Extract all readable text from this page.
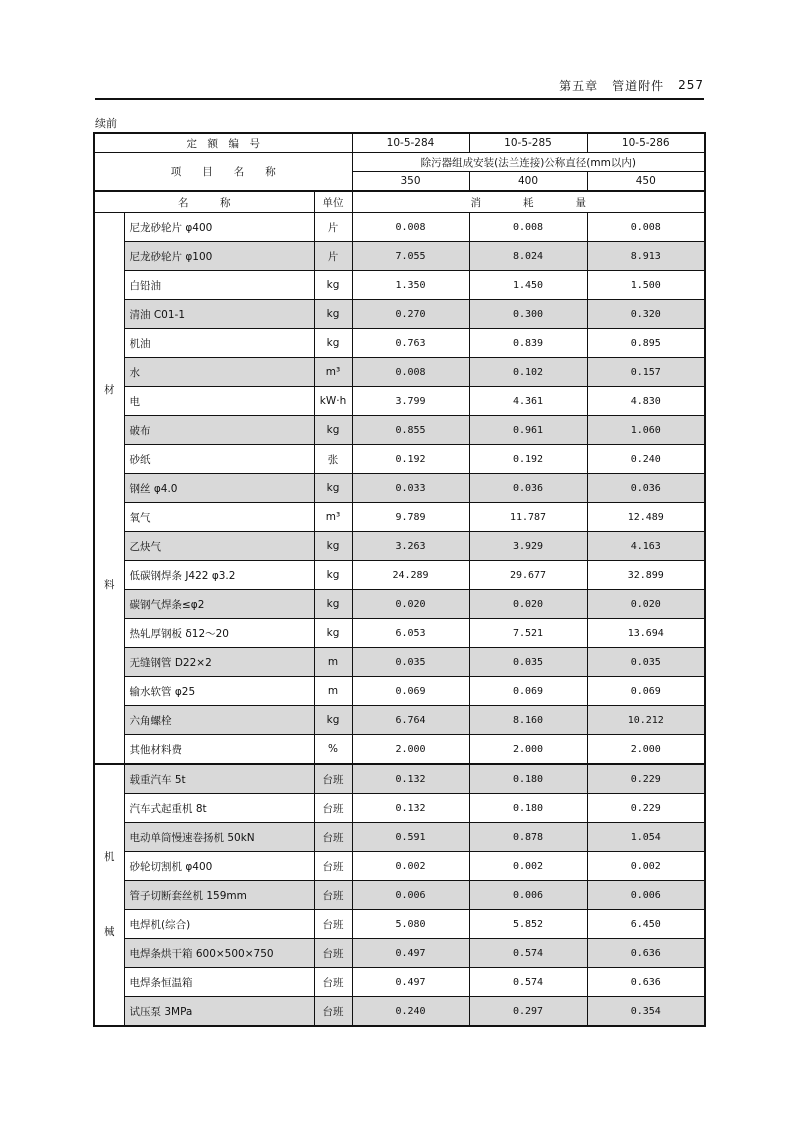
第五章 管道附件 257
续前
定　额　编　号			10-5-284	10-5-285	10-5-286
项　　目　　名　　称			除污器组成安装(法兰连接)公称直径(mm以内)		
			350	400	450
名　　　称		单位	消　　　　耗　　　　量		

材
料	尼龙砂轮片 φ400	片	0.008	0.008	0.008
	尼龙砂轮片 φ100	片	7.055	8.024	8.913
	白铅油	kg	1.350	1.450	1.500
	清油 C01-1	kg	0.270	0.300	0.320
	机油	kg	0.763	0.839	0.895
	水	m³	0.008	0.102	0.157
	电	kW·h	3.799	4.361	4.830
	破布	kg	0.855	0.961	1.060
	砂纸	张	0.192	0.192	0.240
	钢丝 φ4.0	kg	0.033	0.036	0.036
	氧气	m³	9.789	11.787	12.489
	乙炔气	kg	3.263	3.929	4.163
	低碳钢焊条 J422 φ3.2	kg	24.289	29.677	32.899
	碳钢气焊条≤φ2	kg	0.020	0.020	0.020
	热轧厚钢板 δ12～20	kg	6.053	7.521	13.694
	无缝钢管 D22×2	m	0.035	0.035	0.035
	输水软管 φ25	m	0.069	0.069	0.069
	六角螺栓	kg	6.764	8.160	10.212
	其他材料费	%	2.000	2.000	2.000

机
械	载重汽车 5t	台班	0.132	0.180	0.229
	汽车式起重机 8t	台班	0.132	0.180	0.229
	电动单筒慢速卷扬机 50kN	台班	0.591	0.878	1.054
	砂轮切割机 φ400	台班	0.002	0.002	0.002
	管子切断套丝机 159mm	台班	0.006	0.006	0.006
	电焊机(综合)	台班	5.080	5.852	6.450
	电焊条烘干箱 600×500×750	台班	0.497	0.574	0.636
	电焊条恒温箱	台班	0.497	0.574	0.636
	试压泵 3MPa	台班	0.240	0.297	0.354
